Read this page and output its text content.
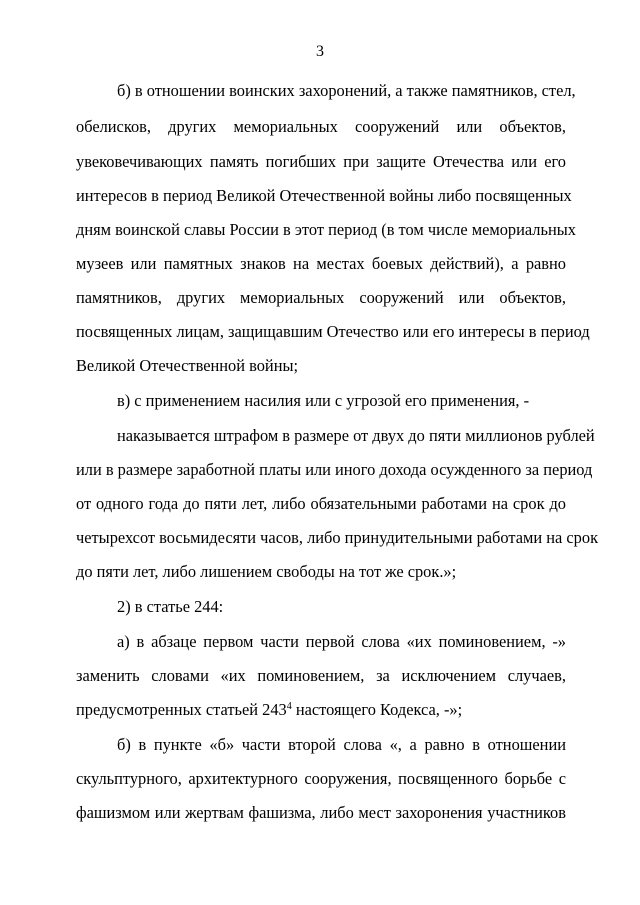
3
б) в отношении воинских захоронений, а также памятников, стел,
обелисков, других мемориальных сооружений или объектов,
увековечивающих память погибших при защите Отечества или его
интересов в период Великой Отечественной войны либо посвященных
дням воинской славы России в этот период (в том числе мемориальных
музеев или памятных знаков на местах боевых действий), а равно
памятников, других мемориальных сооружений или объектов,
посвященных лицам, защищавшим Отечество или его интересы в период
Великой Отечественной войны;
в) с применением насилия или с угрозой его применения, -
наказывается штрафом в размере от двух до пяти миллионов рублей
или в размере заработной платы или иного дохода осужденного за период
от одного года до пяти лет, либо обязательными работами на срок до
четырехсот восьмидесяти часов, либо принудительными работами на срок
до пяти лет, либо лишением свободы на тот же срок.»;
2) в статье 244:
а) в абзаце первом части первой слова «их поминовением, -»
заменить словами «их поминовением, за исключением случаев,
предусмотренных статьей $243^4$ настоящего Кодекса, -»;
б) в пункте «б» части второй слова «, а равно в отношении
скульптурного, архитектурного сооружения, посвященного борьбе с
фашизмом или жертвам фашизма, либо мест захоронения участников
